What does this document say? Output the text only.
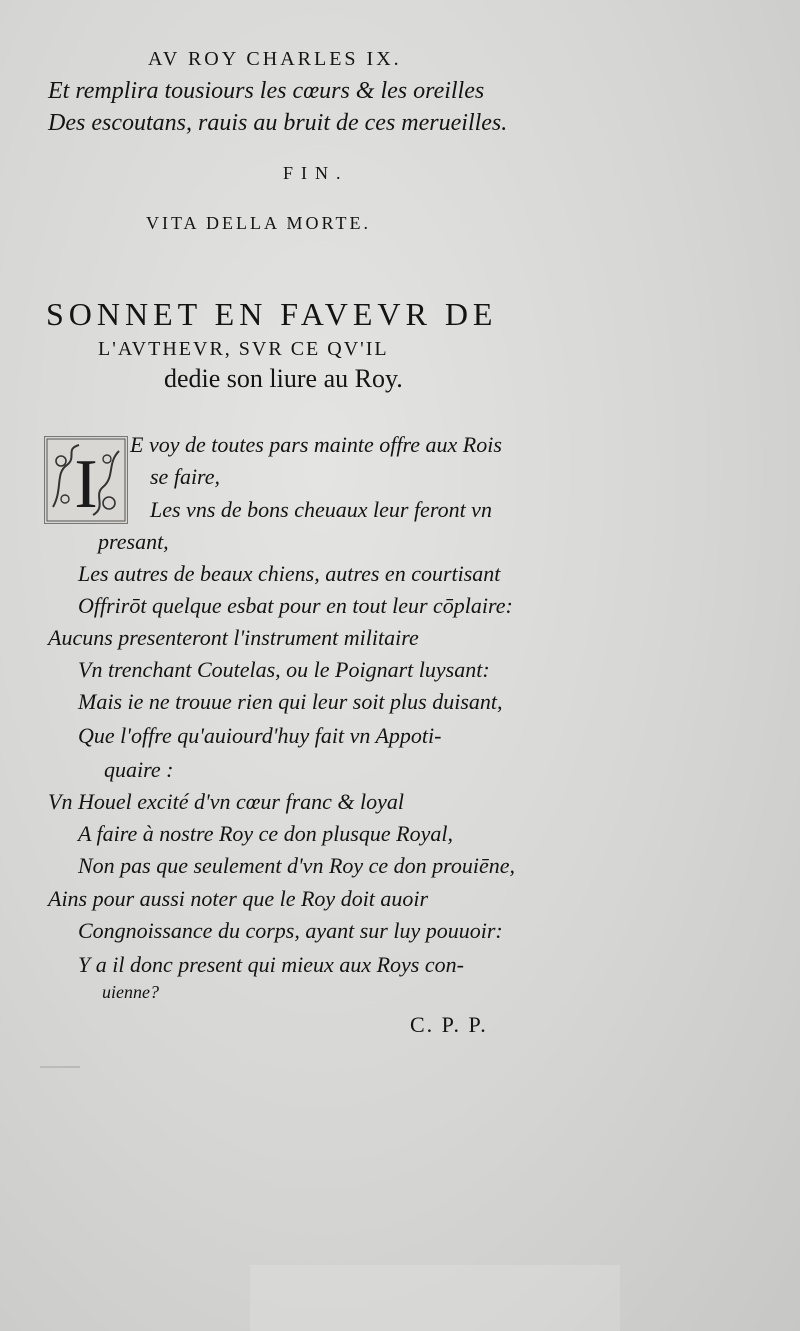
AV ROY CHARLES IX.
Et remplira tousiours les cœurs & les oreilles
Des escoutans, rauis au bruit de ces merueilles.
FIN.
VITA DELLA MORTE.
SONNET EN FAVEVR DE
L'AVTHEVR, SVR CE QV'IL
dedie son liure au Roy.
I
E voy de toutes pars mainte offre aux Rois
se faire,
Les vns de bons cheuaux leur feront vn
presant,
Les autres de beaux chiens, autres en courtisant
Offrirōt quelque esbat pour en tout leur cōplaire:
Aucuns presenteront l'instrument militaire
Vn trenchant Coutelas, ou le Poignart luysant:
Mais ie ne trouue rien qui leur soit plus duisant,
Que l'offre qu'auiourd'huy fait vn Appoti-
quaire :
Vn Houel excité d'vn cœur franc & loyal
A faire à nostre Roy ce don plusque Royal,
Non pas que seulement d'vn Roy ce don prouiēne,
Ains pour aussi noter que le Roy doit auoir
Congnoissance du corps, ayant sur luy pouuoir:
Y a il donc present qui mieux aux Roys con-
uienne?
C. P. P.
